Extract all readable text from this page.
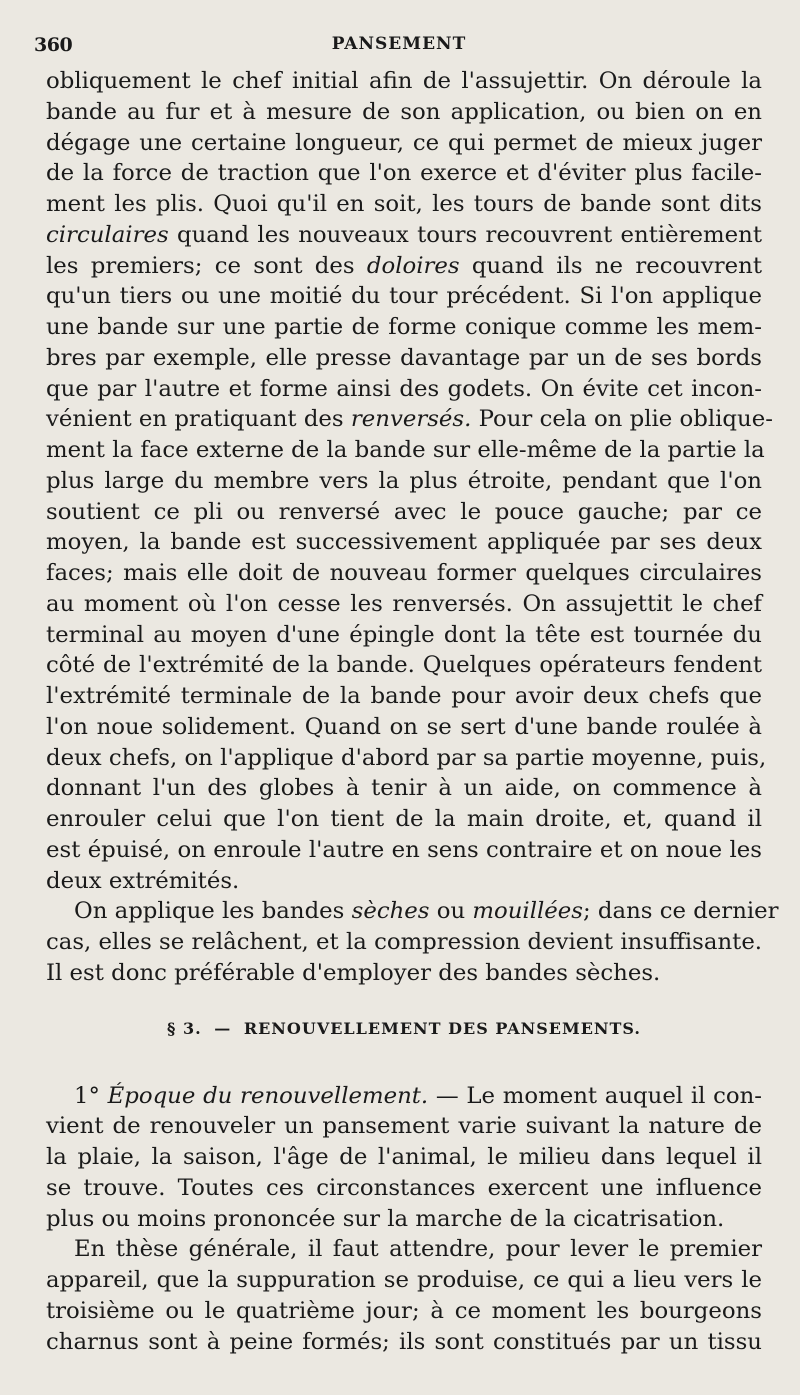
360	PANSEMENT
obliquement le chef initial afin de l'assujettir. On déroule la
bande au fur et à mesure de son application, ou bien on en
dégage une certaine longueur, ce qui permet de mieux juger
de la force de traction que l'on exerce et d'éviter plus facile-
ment les plis. Quoi qu'il en soit, les tours de bande sont dits
circulaires quand les nouveaux tours recouvrent entièrement
les premiers; ce sont des doloires quand ils ne recouvrent
qu'un tiers ou une moitié du tour précédent. Si l'on applique
une bande sur une partie de forme conique comme les mem-
bres par exemple, elle presse davantage par un de ses bords
que par l'autre et forme ainsi des godets. On évite cet incon-
vénient en pratiquant des renversés. Pour cela on plie oblique-
ment la face externe de la bande sur elle-même de la partie la
plus large du membre vers la plus étroite, pendant que l'on
soutient ce pli ou renversé avec le pouce gauche; par ce
moyen, la bande est successivement appliquée par ses deux
faces; mais elle doit de nouveau former quelques circulaires
au moment où l'on cesse les renversés. On assujettit le chef
terminal au moyen d'une épingle dont la tête est tournée du
côté de l'extrémité de la bande. Quelques opérateurs fendent
l'extrémité terminale de la bande pour avoir deux chefs que
l'on noue solidement. Quand on se sert d'une bande roulée à
deux chefs, on l'applique d'abord par sa partie moyenne, puis,
donnant l'un des globes à tenir à un aide, on commence à
enrouler celui que l'on tient de la main droite, et, quand il
est épuisé, on enroule l'autre en sens contraire et on noue les
deux extrémités.
On applique les bandes sèches ou mouillées; dans ce dernier
cas, elles se relâchent, et la compression devient insuffisante.
Il est donc préférable d'employer des bandes sèches.
§ 3. — RENOUVELLEMENT DES PANSEMENTS.
1° Époque du renouvellement. — Le moment auquel il con-
vient de renouveler un pansement varie suivant la nature de
la plaie, la saison, l'âge de l'animal, le milieu dans lequel il
se trouve. Toutes ces circonstances exercent une influence
plus ou moins prononcée sur la marche de la cicatrisation.
En thèse générale, il faut attendre, pour lever le premier
appareil, que la suppuration se produise, ce qui a lieu vers le
troisième ou le quatrième jour; à ce moment les bourgeons
charnus sont à peine formés; ils sont constitués par un tissu
